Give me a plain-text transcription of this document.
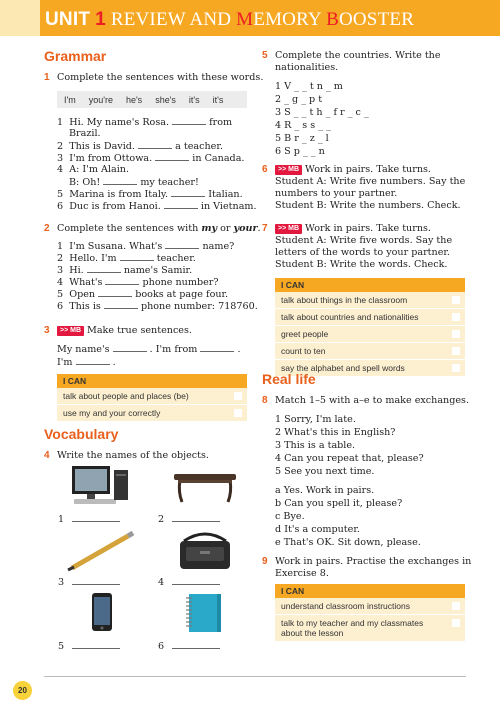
UNIT 1 REVIEW AND MEMORY BOOSTER
Grammar
1 Complete the sentences with these words.
I'm you're he's she's it's it's
1 Hi. My name's Rosa.	from
Brazil.
2 This is David.	a teacher.
3 I'm from Ottowa.	in Canada.
4 A: I'm Alain.
B: Oh!	my teacher!
5 Marina is from Italy.	Italian.
6 Duc is from Hanoi.	in Vietnam.
2 Complete the sentences with my or your.
1 I'm Susana. What's	name?
2 Hello. I'm	teacher.
3 Hi.	name's Samir.
4 What's	phone number?
5 Open	books at page four.
6 This is	phone number: 718760.
3	>> MB Make true sentences.
My name's	. I'm from	.
I'm	.
I CAN
talk about people and places (be)
use my and your correctly
Vocabulary
4 Write the names of the objects.
1	2
3	4
5	6
5 Complete the countries. Write the
nationalities.
1 V _ _ t n _ m
2 _ g _ p t
3 S _ _ t h _ f r _ c _
4 R _ s s _ _
5 B r _ z _ l
6 S p _ _ n
6	>> MB Work in pairs. Take turns.
Student A: Write five numbers. Say the
numbers to your partner.
Student B: Write the numbers. Check.
7	>> MB Work in pairs. Take turns.
Student A: Write five words. Say the
letters of the words to your partner.
Student B: Write the words. Check.
I CAN
talk about things in the classroom
talk about countries and nationalities
greet people
count to ten
say the alphabet and spell words
Real life
8 Match 1–5 with a–e to make exchanges.
1 Sorry, I'm late.
2 What's this in English?
3 This is a table.
4 Can you repeat that, please?
5 See you next time.
a Yes. Work in pairs.
b Can you spell it, please?
c Bye.
d It's a computer.
e That's OK. Sit down, please.
9 Work in pairs. Practise the exchanges in
Exercise 8.
I CAN
understand classroom instructions
talk to my teacher and my classmates about the lesson
20
